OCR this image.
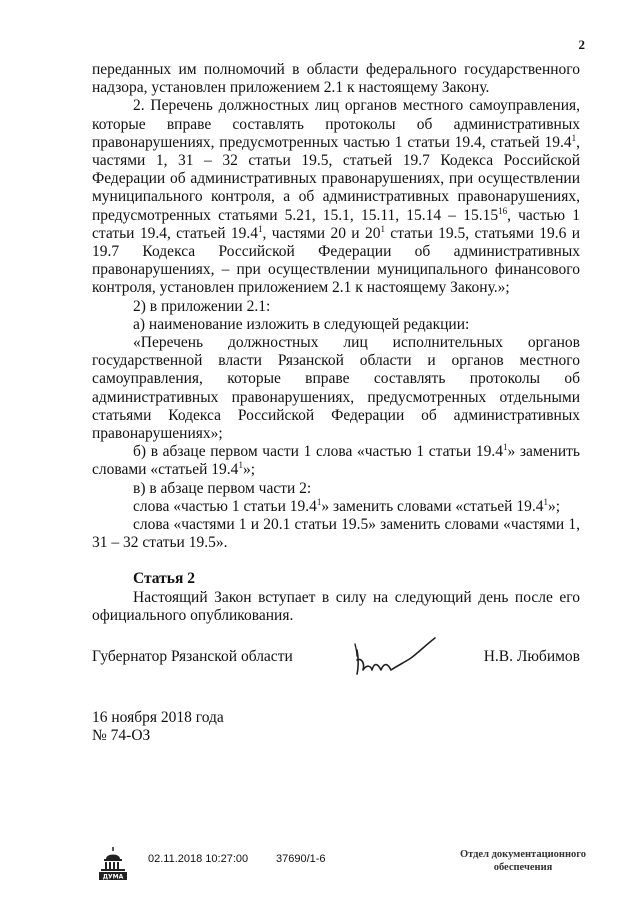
2

переданных им полномочий в области федерального государственного надзора, установлен приложением 2.1 к настоящему Закону.

2. Перечень должностных лиц органов местного самоуправления, которые вправе составлять протоколы об административных правонарушениях, предусмотренных частью 1 статьи 19.4, статьей 19.4$^1$, частями 1, 31 – 32 статьи 19.5, статьей 19.7 Кодекса Российской Федерации об административных правонарушениях, при осуществлении муниципального контроля, а об административных правонарушениях, предусмотренных статьями 5.21, 15.1, 15.11, 15.14 – 15.15$^{16}$, частью 1 статьи 19.4, статьей 19.4$^1$, частями 20 и $20^1$ статьи 19.5, статьями 19.6 и 19.7 Кодекса Российской Федерации об административных правонарушениях, – при осуществлении муниципального финансового контроля, установлен приложением 2.1 к настоящему Закону.»;

2) в приложении 2.1:

а) наименование изложить в следующей редакции:

«Перечень должностных лиц исполнительных органов государственной власти Рязанской области и органов местного самоуправления, которые вправе составлять протоколы об административных правонарушениях, предусмотренных отдельными статьями Кодекса Российской Федерации об административных правонарушениях»;

б) в абзаце первом части 1 слова «частью 1 статьи 19.4$^1$» заменить словами «статьей 19.4$^1$»;

в) в абзаце первом части 2:

слова «частью 1 статьи 19.4$^1$» заменить словами «статьей 19.4$^1$»;

слова «частями 1 и 20.1 статьи 19.5» заменить словами «частями 1, 31 – 32 статьи 19.5».

Статья 2

Настоящий Закон вступает в силу на следующий день после его официального опубликования.

Губернатор Рязанской области	Н.В. Любимов
16 ноября 2018 года
№ 74-ОЗ
ДУМА
02.11.2018 10:27:00	37690/1-6	Отдел документационного
обеспечения
